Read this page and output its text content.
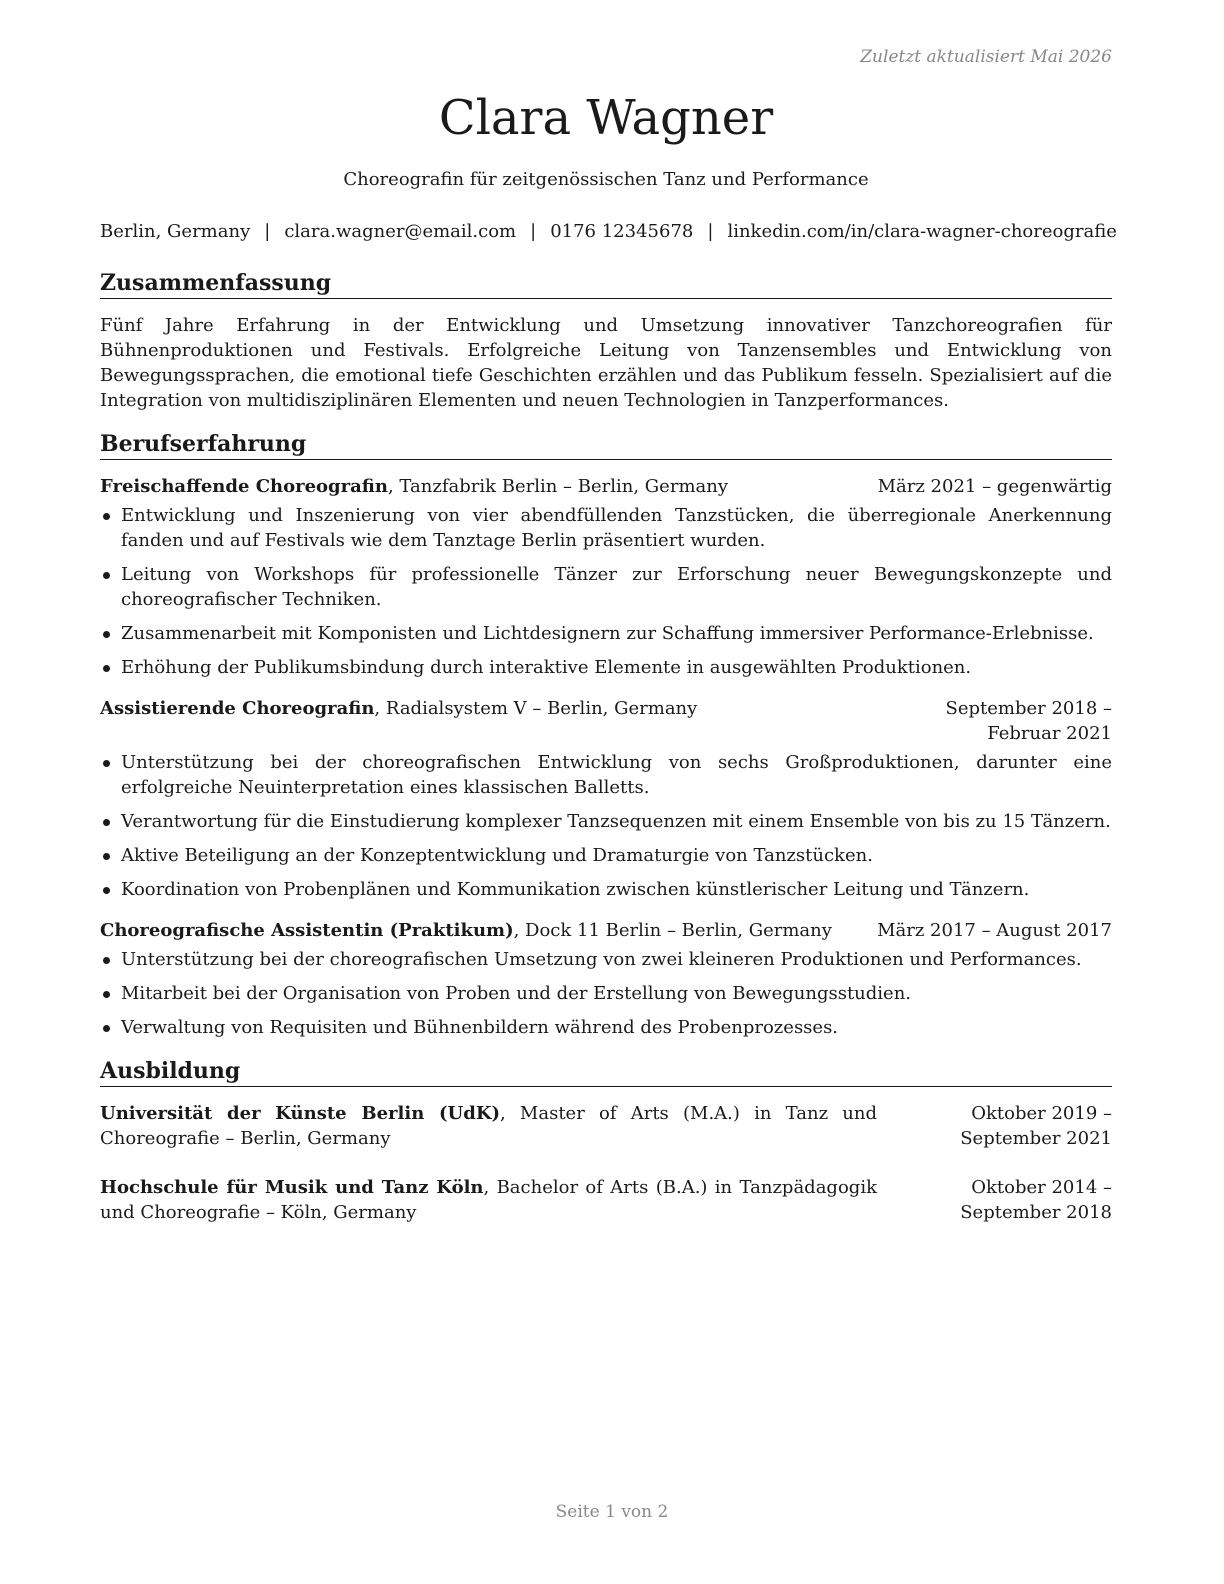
Zuletzt aktualisiert Mai 2026
Clara Wagner
Choreografin für zeitgenössischen Tanz und Performance
Berlin, Germany | clara.wagner@email.com | 0176 12345678 | linkedin.com/in/clara-wagner-choreografie
Zusammenfassung

Fünf Jahre Erfahrung in der Entwicklung und Umsetzung innovativer Tanzchoreografien für Bühnenproduktionen und Festivals. Erfolgreiche Leitung von Tanzensembles und Entwicklung von Bewegungssprachen, die emotional tiefe Geschichten erzählen und das Publikum fesseln. Spezialisiert auf die Integration von multidisziplinären Elementen und neuen Technologien in Tanzperformances.

Berufserfahrung
Freischaffende Choreografin, Tanzfabrik Berlin – Berlin, Germany	März 2021 – gegenwärtig
Entwicklung und Inszenierung von vier abendfüllenden Tanzstücken, die überregionale Anerkennung fanden und auf Festivals wie dem Tanztage Berlin präsentiert wurden.
Leitung von Workshops für professionelle Tänzer zur Erforschung neuer Bewegungskonzepte und choreografischer Techniken.
Zusammenarbeit mit Komponisten und Lichtdesignern zur Schaffung immersiver Performance-Erlebnisse.
Erhöhung der Publikumsbindung durch interaktive Elemente in ausgewählten Produktionen.
Assistierende Choreografin, Radialsystem V – Berlin, Germany	September 2018 – Februar 2021
Unterstützung bei der choreografischen Entwicklung von sechs Großproduktionen, darunter eine erfolgreiche Neuinterpretation eines klassischen Balletts.
Verantwortung für die Einstudierung komplexer Tanzsequenzen mit einem Ensemble von bis zu 15 Tänzern.
Aktive Beteiligung an der Konzeptentwicklung und Dramaturgie von Tanzstücken.
Koordination von Probenplänen und Kommunikation zwischen künstlerischer Leitung und Tänzern.
Choreografische Assistentin (Praktikum), Dock 11 Berlin – Berlin, Germany	März 2017 – August 2017
Unterstützung bei der choreografischen Umsetzung von zwei kleineren Produktionen und Performances.
Mitarbeit bei der Organisation von Proben und der Erstellung von Bewegungsstudien.
Verwaltung von Requisiten und Bühnenbildern während des Probenprozesses.
Ausbildung
Universität der Künste Berlin (UdK), Master of Arts (M.A.) in Tanz und Choreografie – Berlin, Germany
Oktober 2019 – September 2021
Hochschule für Musik und Tanz Köln, Bachelor of Arts (B.A.) in Tanzpädagogik und Choreografie – Köln, Germany
Oktober 2014 – September 2018
Seite 1 von 2
